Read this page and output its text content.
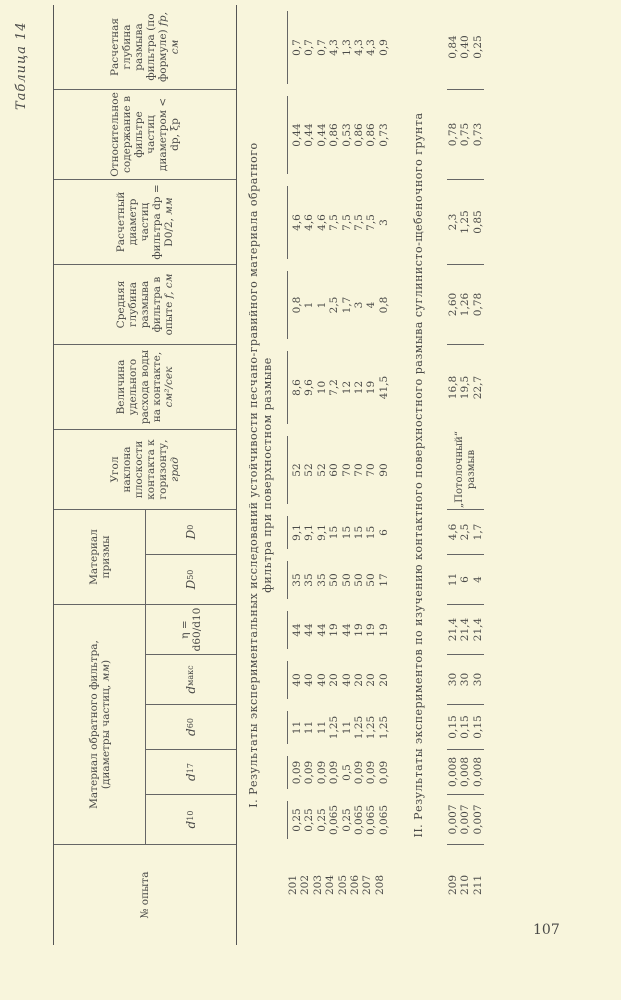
Таблица 14
№ опыта
Материал обратного фильтра, (диаметры частиц, мм)
Материал призмы
Угол наклона плоскости контакта к горизонту, град
Величина удельного расхода воды на контакте, см²/сек
Средняя глубина размыва фильтра в опыте f, см
Расчетный диаметр частиц фильтра dp = D0/2, мм
Относительное содержание в фильтре частиц диаметром < dp, ξp
Расчетная глубина размыва фильтра (по формуле) fp, см
d
10
d
17
d
60
d
макс
η = d60/d10
D
50
D
0	I. Результаты экспериментальных исследований устойчивости песчано-гравийного материала обратного фильтра при поверхностном размыве
201 202 203 204 205 206 207 208
0,25 0,25 0,25 0,065 0,25 0,065 0,065 0,065
0,09 0,09 0,09 0,09 0,5 0,09 0,09 0,09
11 11 11 1,25 11 1,25 1,25 1,25
40 40 40 20 40 20 20 20
44 44 44 19 44 19 19 19
35 35 35 50 50 50 50 17
9,1 9,1 9,1 15 15 15 15 6
52 52 52 60 70 70 70 90
8,6 9,6 10 7,2 12 12 19 41,5
0,8 1 1 2,5 1,7 3 4 0,8
4,6 4,6 4,6 7,5 7,5 7,5 7,5 3
0,44 0,44 0,44 0,86 0,53 0,86 0,86 0,73
0,7 0,7 0,7 4,3 1,3 4,3 4,3 0,9
II. Результаты экспериментов по изучению контактного поверхностного размыва суглинисто-щебеночного грунта
209 210 211
0,007 0,007 0,007
0,008 0,008 0,008
0,15 0,15 0,15
30 30 30
21,4 21,4 21,4
11 6 4
4,6 2,5 1,7
„Потолочный“ размыв
16,8 19,5 22,7
2,60 1,26 0,78
2,3 1,25 0,85
0,78 0,75 0,73
0,84 0,40 0,25
107
